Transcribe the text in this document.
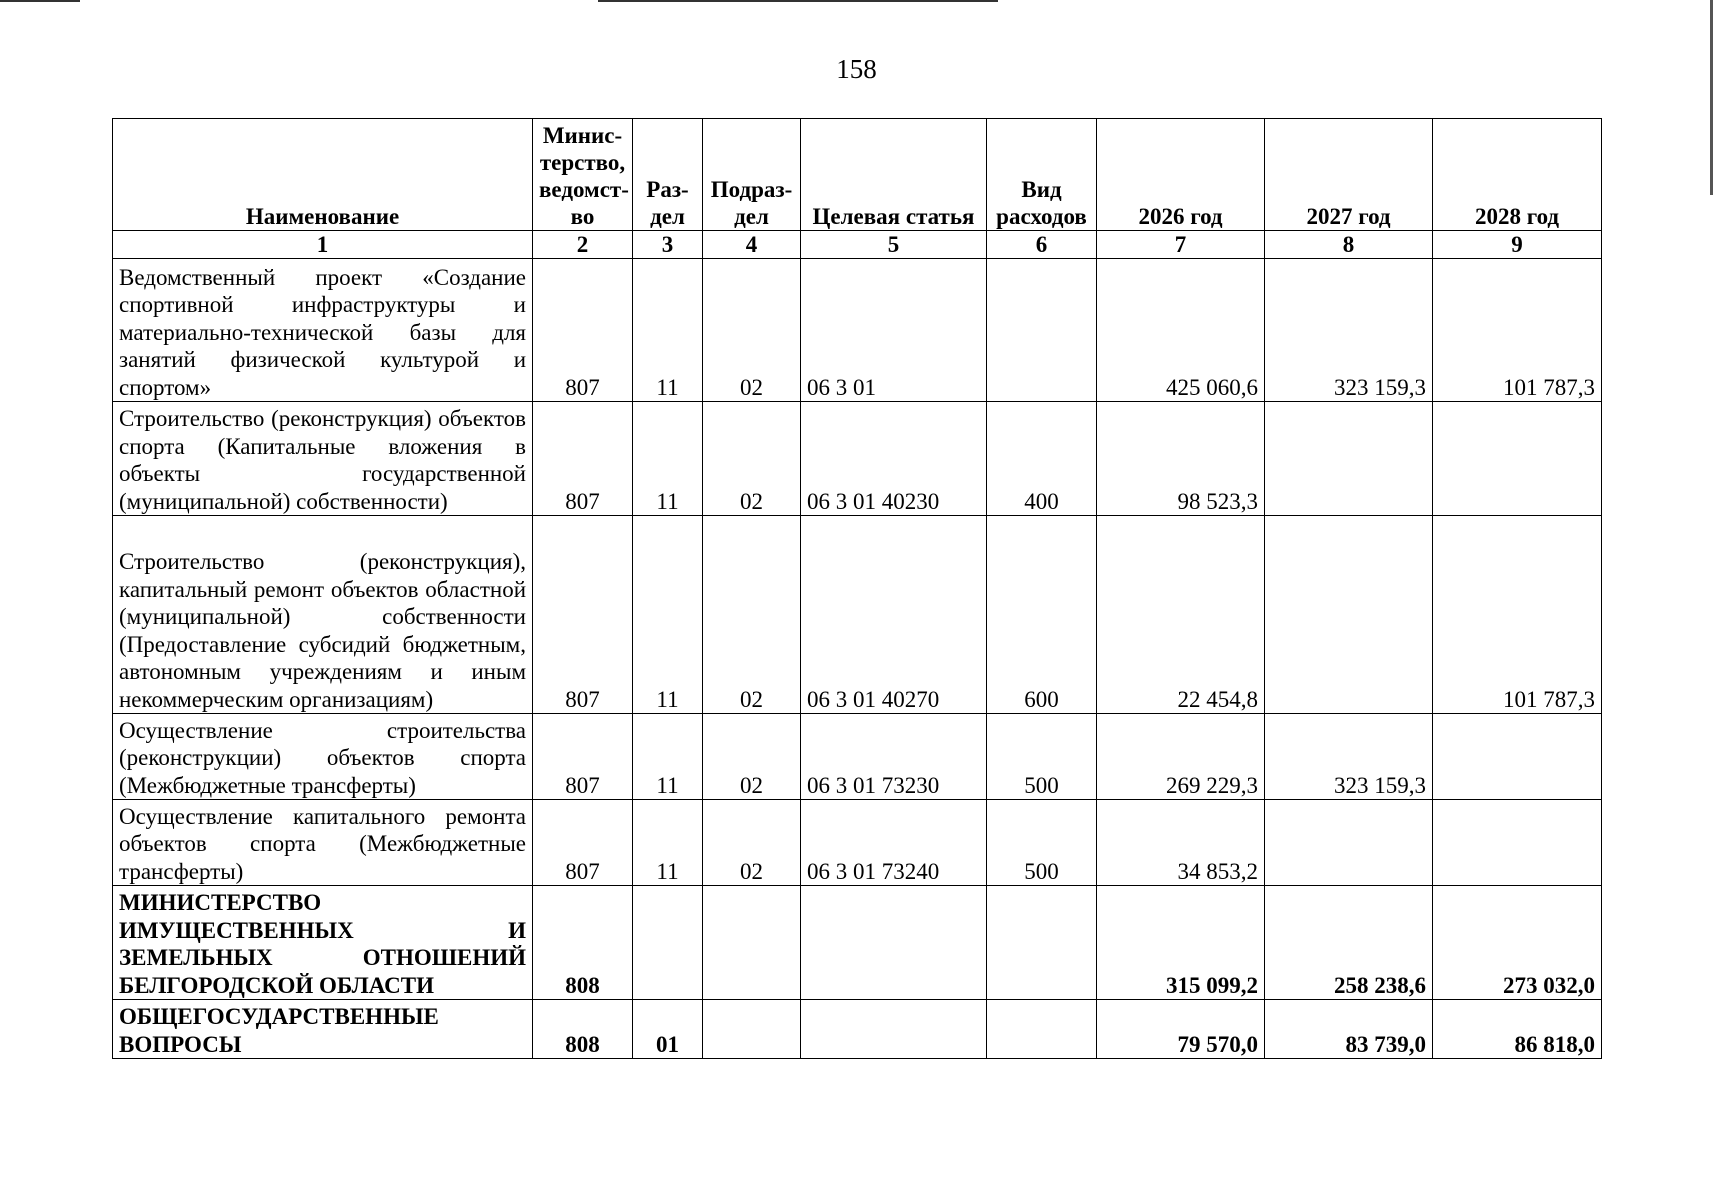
158
Наименование	Минис-терство, ведомст-во	Раз-дел	Подраз-дел	Целевая статья	Вид расходов	2026 год	2027 год	2028 год
1	2	3	4	5	6	7	8	9
Ведомственный проект «Создание спортивной инфраструктуры и материально-технической базы для занятий физической культурой и спортом»	807	11	02	06 3 01		425 060,6	323 159,3	101 787,3
Строительство (реконструкция) объектов спорта (Капитальные вложения в объекты государственной (муниципальной) собственности)	807	11	02	06 3 01 40230	400	98 523,3		
Строительство (реконструкция), капитальный ремонт объектов областной (муниципальной) собственности (Предоставление субсидий бюджетным, автономным учреждениям и иным некоммерческим организациям)	807	11	02	06 3 01 40270	600	22 454,8		101 787,3
Осуществление строительства (реконструкции) объектов спорта (Межбюджетные трансферты)	807	11	02	06 3 01 73230	500	269 229,3	323 159,3	
Осуществление капитального ремонта объектов спорта (Межбюджетные трансферты)	807	11	02	06 3 01 73240	500	34 853,2		
МИНИСТЕРСТВО ИМУЩЕСТВЕННЫХ И ЗЕМЕЛЬНЫХ ОТНОШЕНИЙ БЕЛГОРОДСКОЙ ОБЛАСТИ	808					315 099,2	258 238,6	273 032,0
ОБЩЕГОСУДАРСТВЕННЫЕ ВОПРОСЫ	808	01				79 570,0	83 739,0	86 818,0
